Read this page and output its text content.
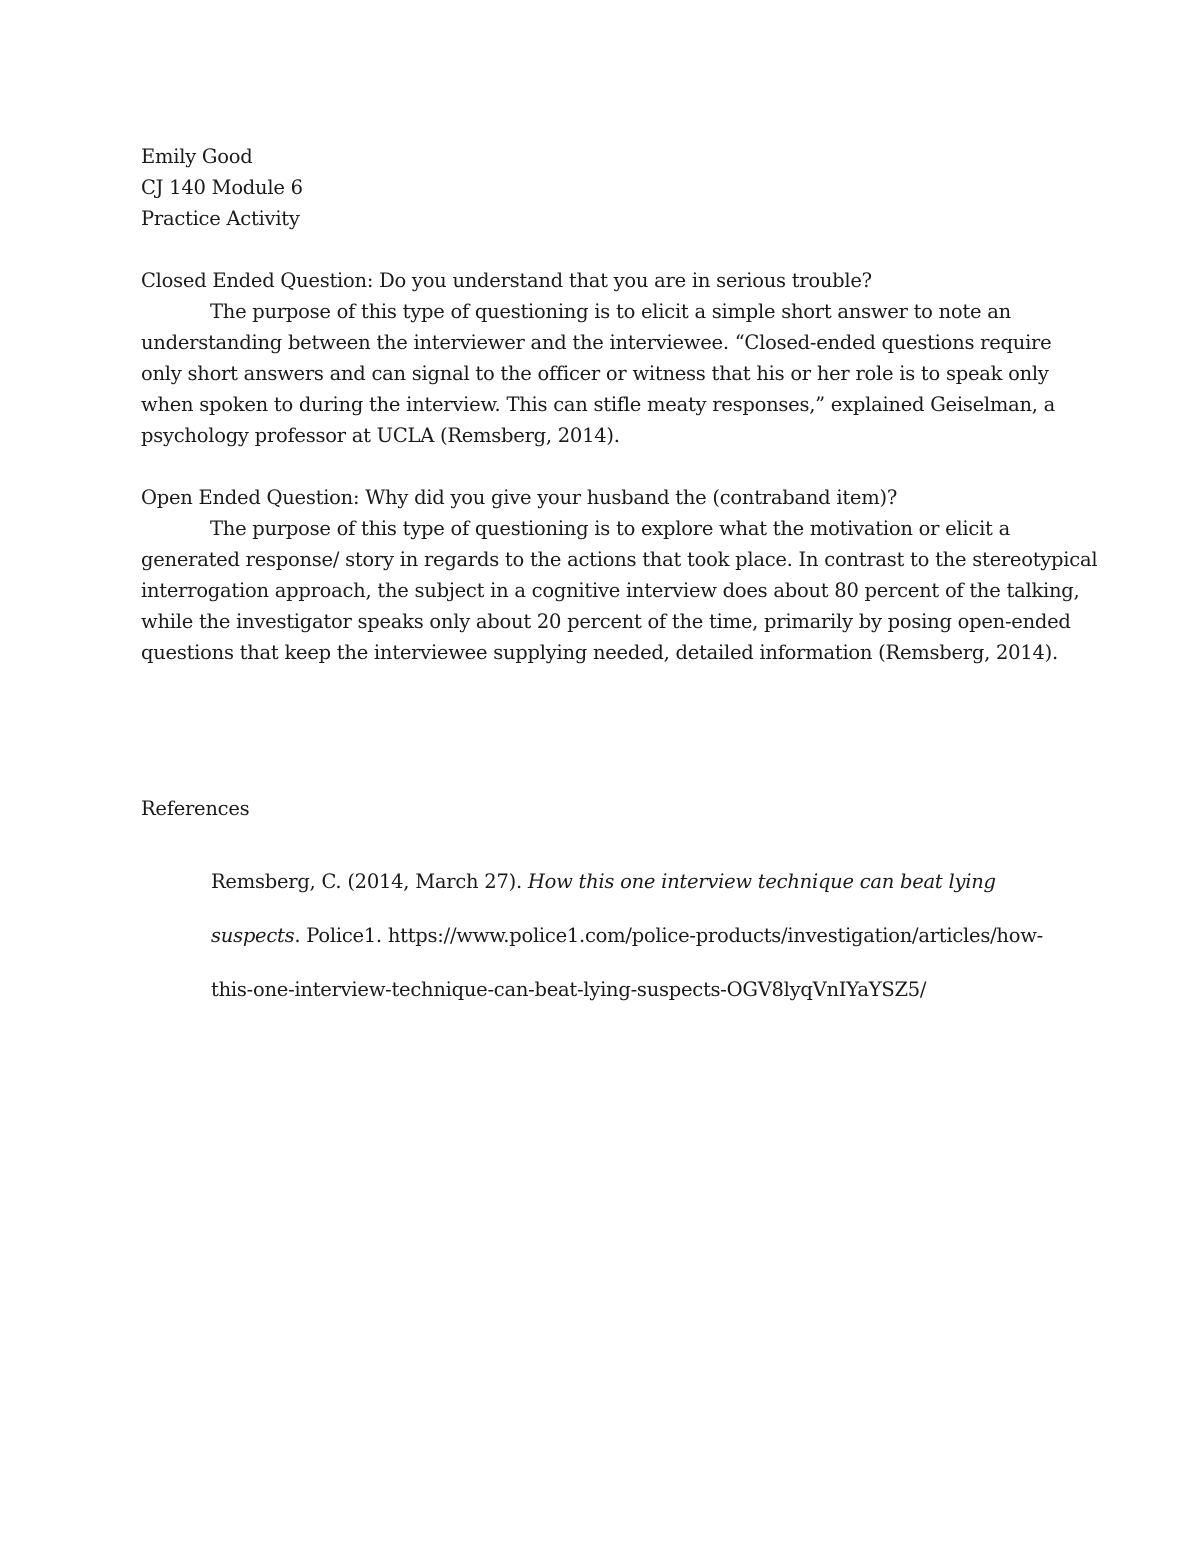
Emily Good
CJ 140 Module 6
Practice Activity
Closed Ended Question: Do you understand that you are in serious trouble?
The purpose of this type of questioning is to elicit a simple short answer to note an
understanding between the interviewer and the interviewee. “Closed-ended questions require
only short answers and can signal to the officer or witness that his or her role is to speak only
when spoken to during the interview. This can stifle meaty responses,” explained Geiselman, a
psychology professor at UCLA (Remsberg, 2014).
Open Ended Question: Why did you give your husband the (contraband item)?
The purpose of this type of questioning is to explore what the motivation or elicit a
generated response/ story in regards to the actions that took place. In contrast to the stereotypical
interrogation approach, the subject in a cognitive interview does about 80 percent of the talking,
while the investigator speaks only about 20 percent of the time, primarily by posing open-ended
questions that keep the interviewee supplying needed, detailed information (Remsberg, 2014).
References
Remsberg, C. (2014, March 27). How this one interview technique can beat lying
suspects. Police1. https://www.police1.com/police-products/investigation/articles/how-
this-one-interview-technique-can-beat-lying-suspects-OGV8lyqVnIYaYSZ5/
